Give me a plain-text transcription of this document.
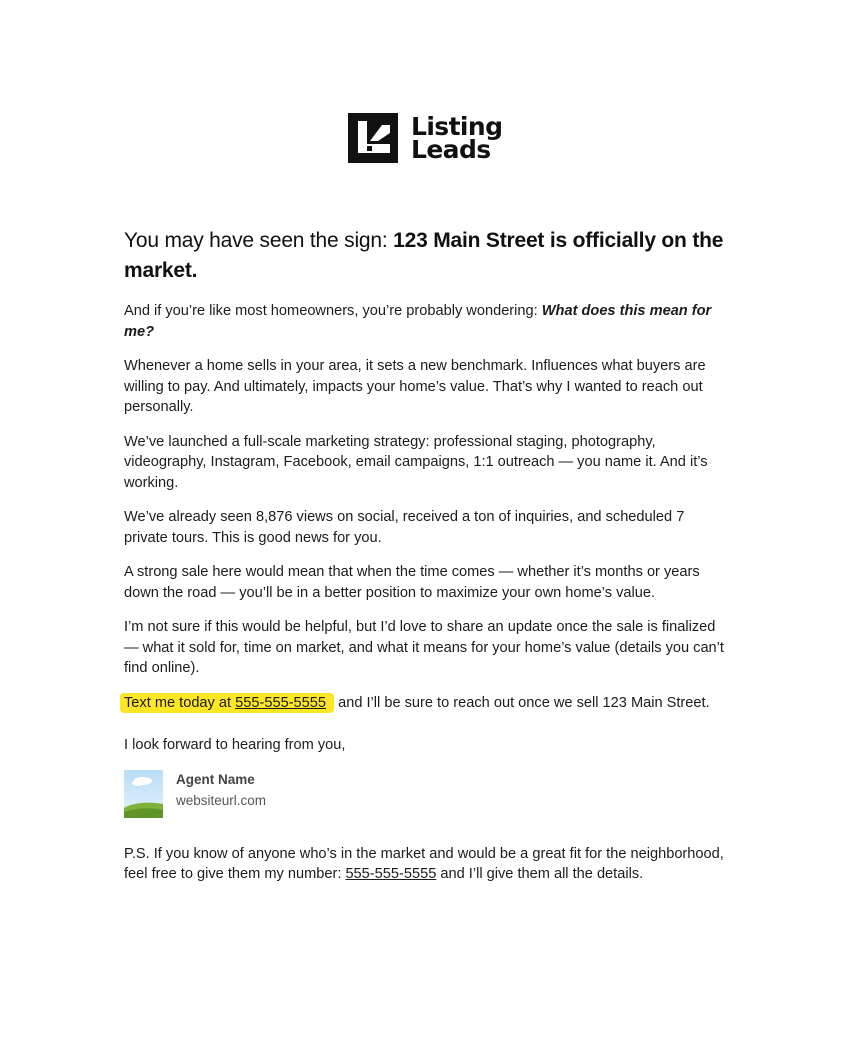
Listing
Leads
You may have seen the sign: 123 Main Street is officially on the market.

And if you’re like most homeowners, you’re probably wondering: What does this mean for me?

Whenever a home sells in your area, it sets a new benchmark. Influences what buyers are willing to pay. And ultimately, impacts your home’s value. That’s why I wanted to reach out personally.

We’ve launched a full-scale marketing strategy: professional staging, photography, videography, Instagram, Facebook, email campaigns, 1:1 outreach — you name it. And it’s working.

We’ve already seen 8,876 views on social, received a ton of inquiries, and scheduled 7 private tours. This is good news for you.

A strong sale here would mean that when the time comes — whether it’s months or years down the road — you’ll be in a better position to maximize your own home’s value.

I’m not sure if this would be helpful, but I’d love to share an update once the sale is finalized — what it sold for, time on market, and what it means for your home’s value (details you can’t find online).

Text me today at 555-555-5555 and I’ll be sure to reach out once we sell 123 Main Street.

I look forward to hearing from you,

Agent Name
websiteurl.com

P.S. If you know of anyone who’s in the market and would be a great fit for the neighborhood, feel free to give them my number: 555-555-5555 and I’ll give them all the details.
